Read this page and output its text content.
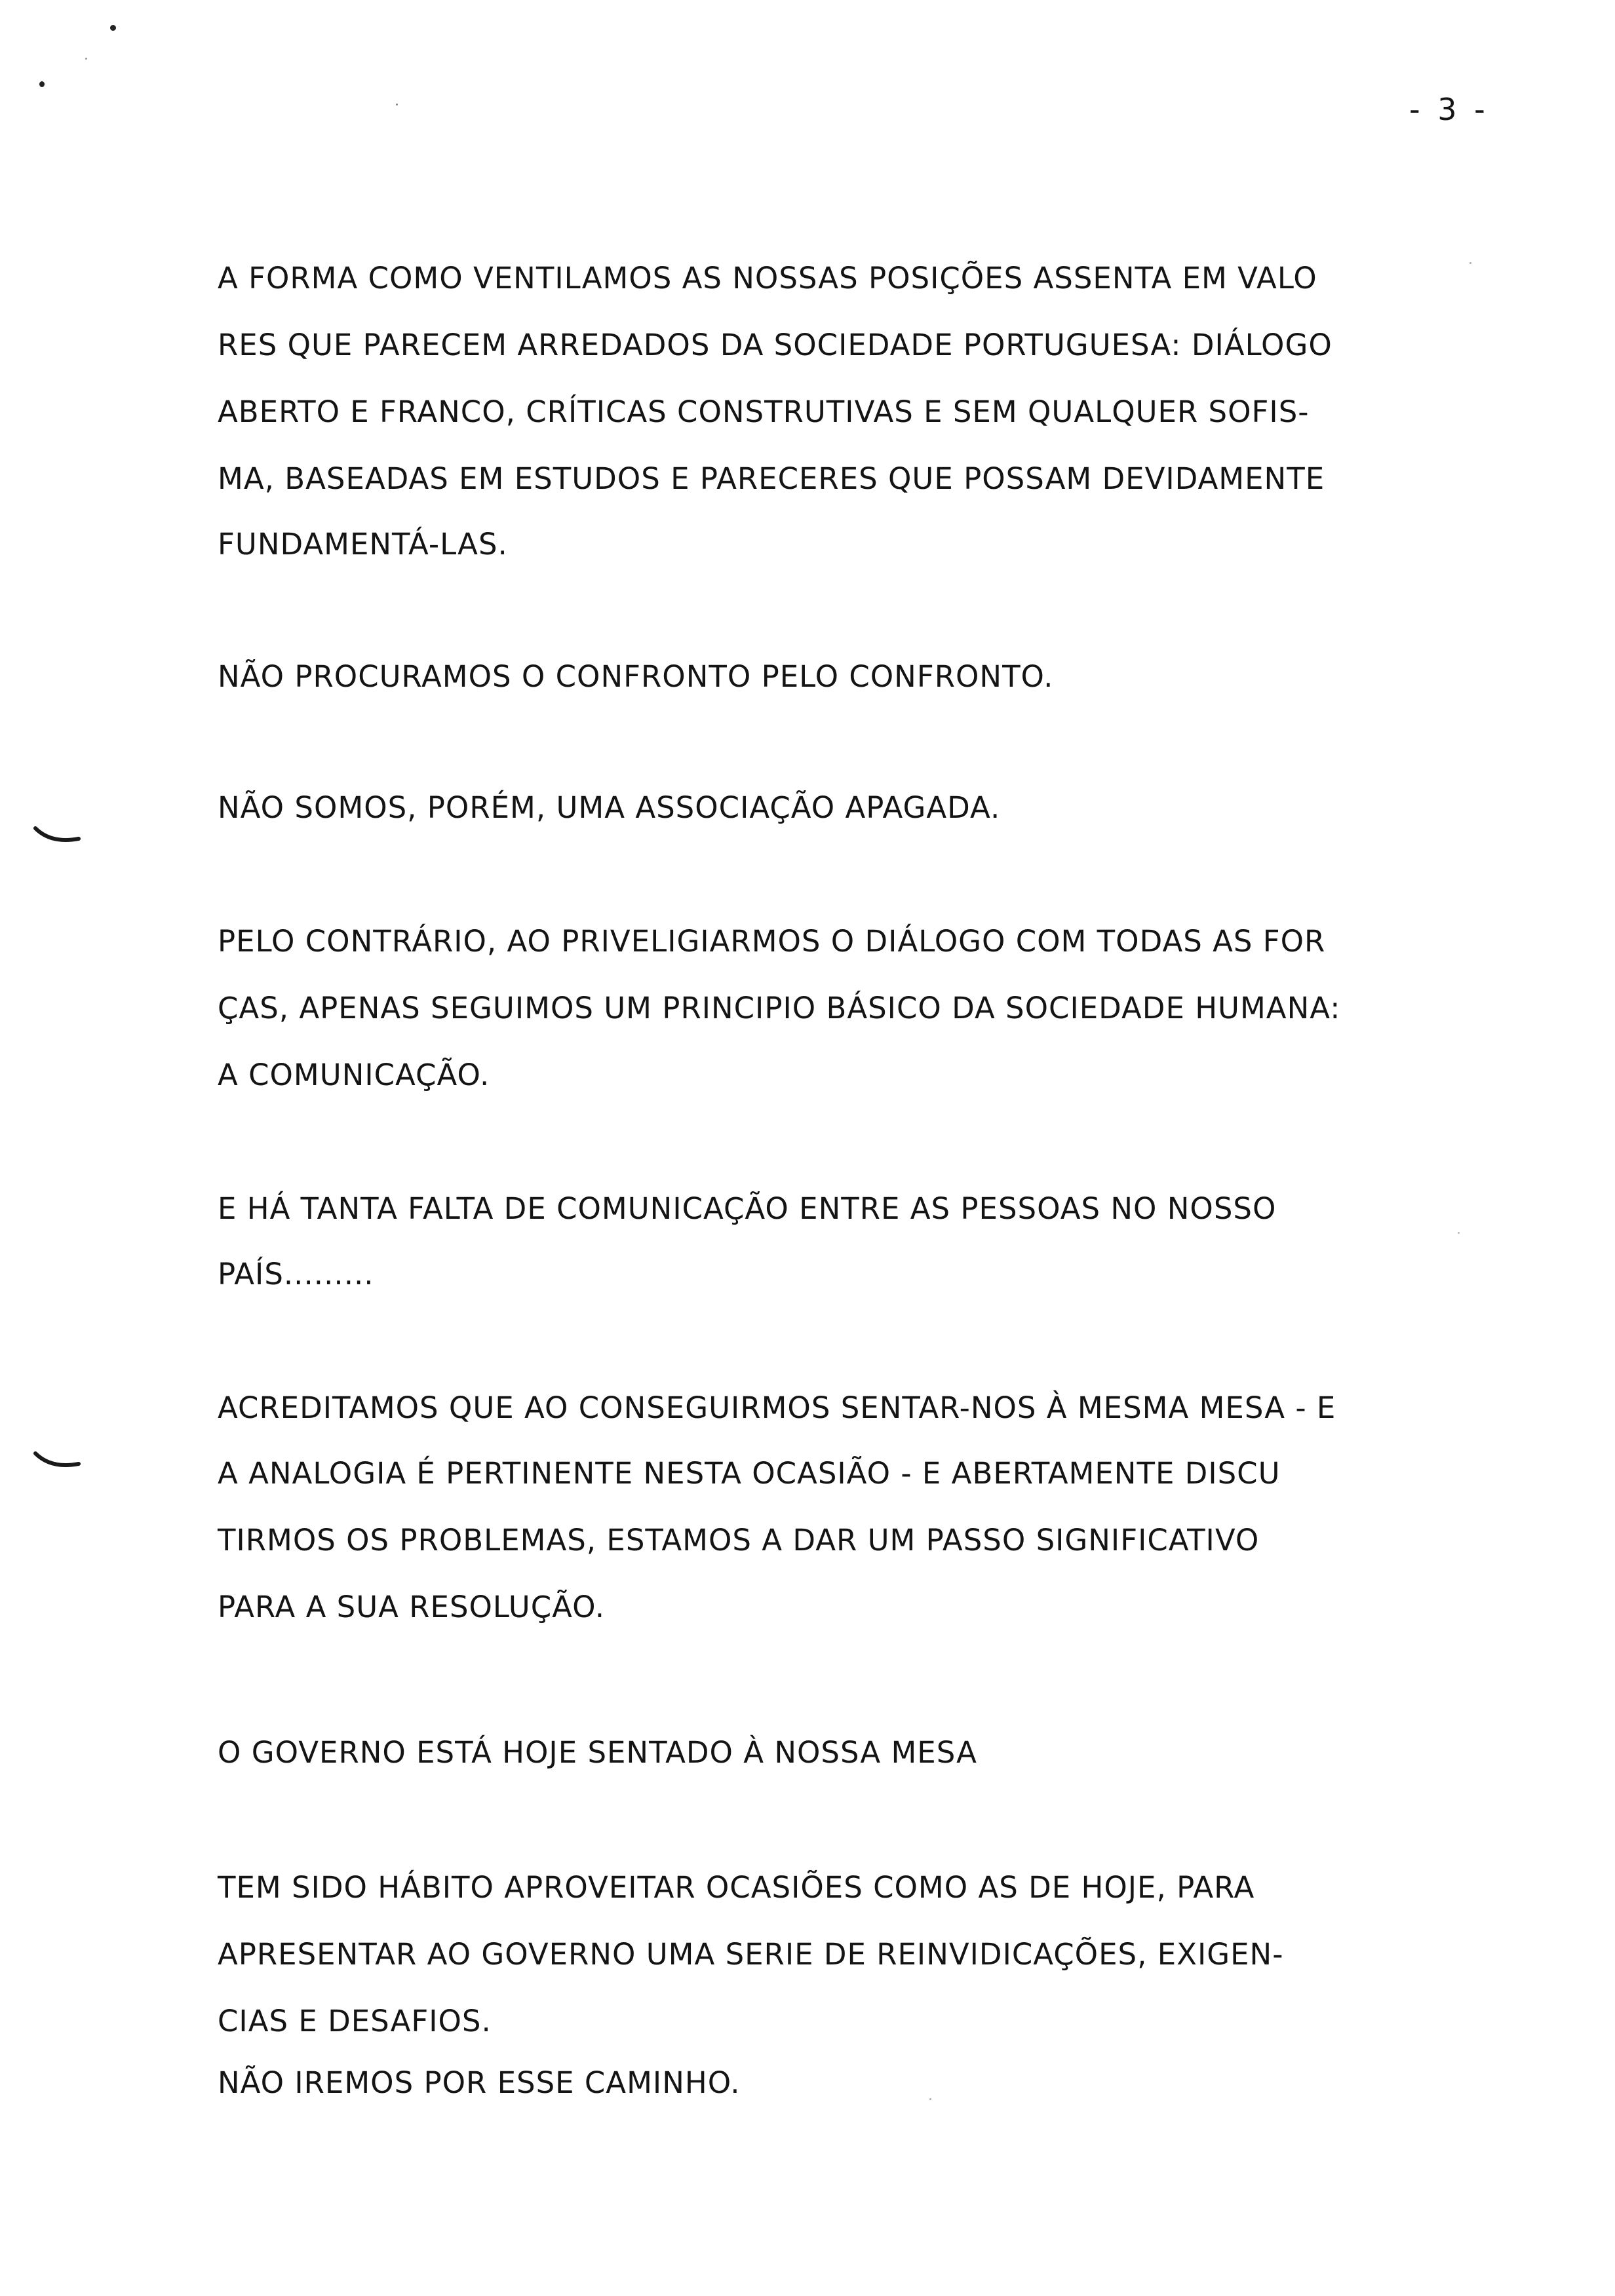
- 3 -
A FORMA COMO VENTILAMOS AS NOSSAS POSIÇÕES ASSENTA EM VALO
RES QUE PARECEM ARREDADOS DA SOCIEDADE PORTUGUESA: DIÁLOGO
ABERTO E FRANCO, CRÍTICAS CONSTRUTIVAS E SEM QUALQUER SOFIS-
MA, BASEADAS EM ESTUDOS E PARECERES QUE POSSAM DEVIDAMENTE
FUNDAMENTÁ-LAS.
NÃO PROCURAMOS O CONFRONTO PELO CONFRONTO.
NÃO SOMOS, PORÉM, UMA ASSOCIAÇÃO APAGADA.
PELO CONTRÁRIO, AO PRIVELIGIARMOS O DIÁLOGO COM TODAS AS FOR
ÇAS, APENAS SEGUIMOS UM PRINCIPIO BÁSICO DA SOCIEDADE HUMANA:
A COMUNICAÇÃO.
E HÁ TANTA FALTA DE COMUNICAÇÃO ENTRE AS PESSOAS NO NOSSO
PAÍS.........
ACREDITAMOS QUE AO CONSEGUIRMOS SENTAR-NOS À MESMA MESA - E
A ANALOGIA É PERTINENTE NESTA OCASIÃO - E ABERTAMENTE DISCU
TIRMOS OS PROBLEMAS, ESTAMOS A DAR UM PASSO SIGNIFICATIVO
PARA A SUA RESOLUÇÃO.
O GOVERNO ESTÁ HOJE SENTADO À NOSSA MESA
TEM SIDO HÁBITO APROVEITAR OCASIÕES COMO AS DE HOJE, PARA
APRESENTAR AO GOVERNO UMA SERIE DE REINVIDICAÇÕES, EXIGEN-
CIAS E DESAFIOS.
NÃO IREMOS POR ESSE CAMINHO.
